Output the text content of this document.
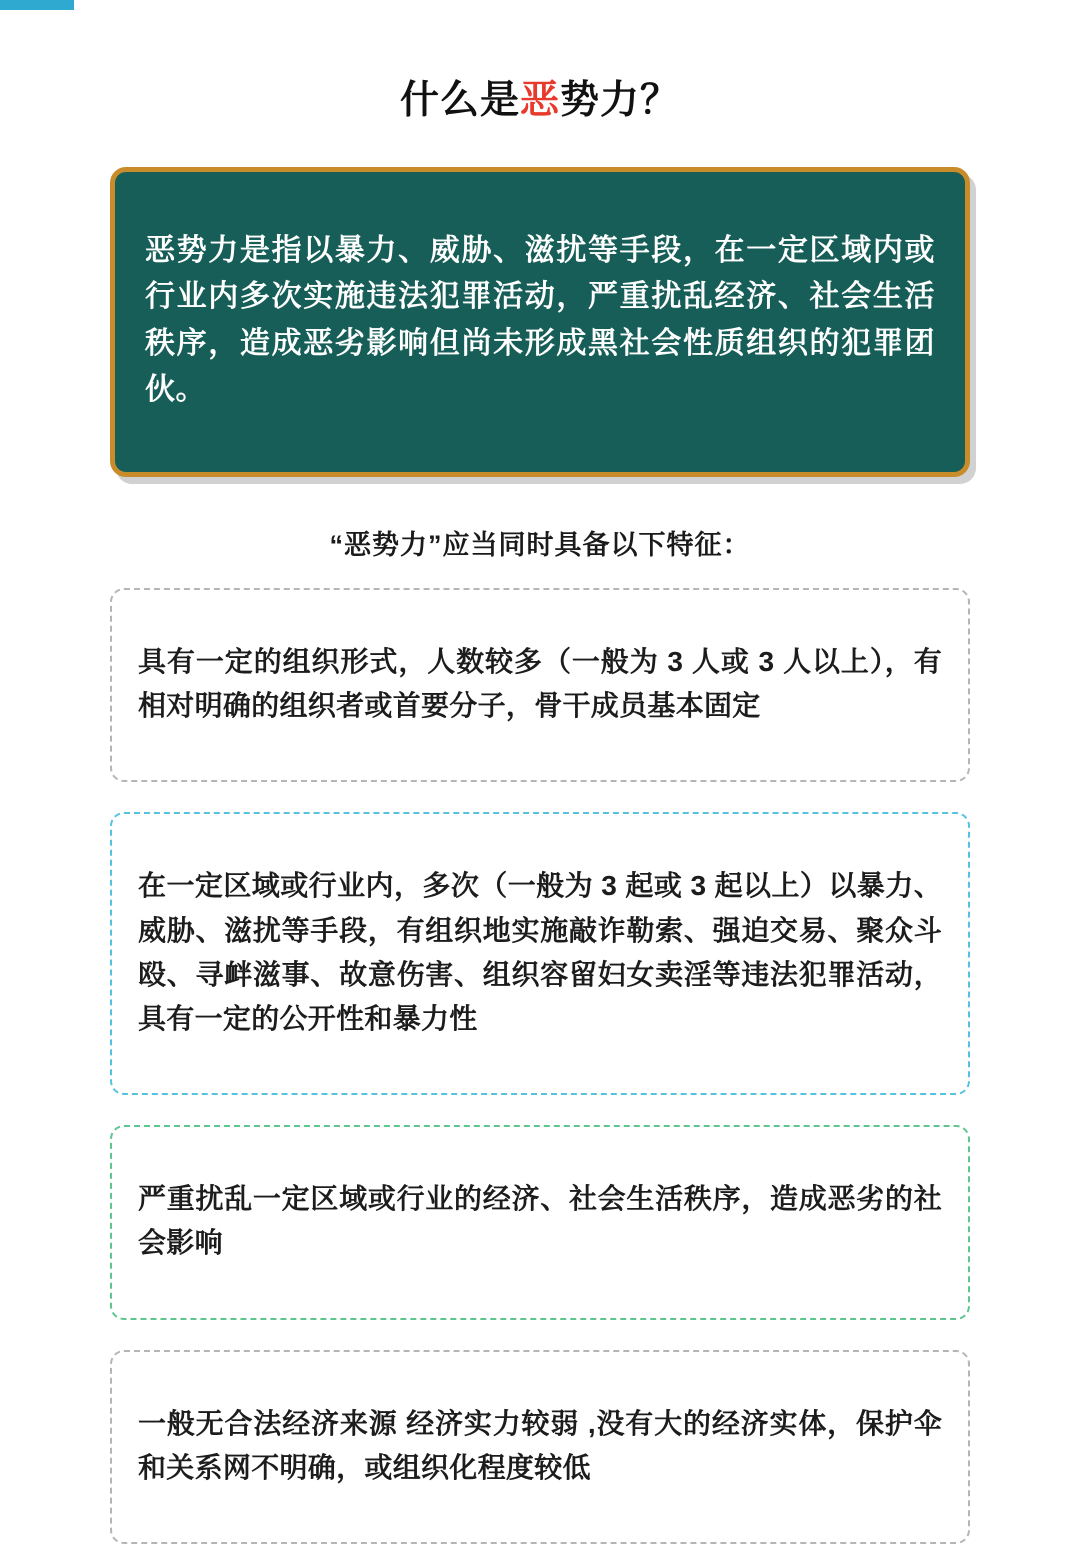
什么是恶势力？

恶势力是指以暴力、威胁、滋扰等手段，在一定区域内或行业内多次实施违法犯罪活动，严重扰乱经济、社会生活秩序，造成恶劣影响但尚未形成黑社会性质组织的犯罪团伙。

“恶势力”应当同时具备以下特征：

具有一定的组织形式，人数较多（一般为 3 人或 3 人以上），有相对明确的组织者或首要分子，骨干成员基本固定

在一定区域或行业内，多次（一般为 3 起或 3 起以上）以暴力、威胁、滋扰等手段，有组织地实施敲诈勒索、强迫交易、聚众斗殴、寻衅滋事、故意伤害、组织容留妇女卖淫等违法犯罪活动，具有一定的公开性和暴力性

严重扰乱一定区域或行业的经济、社会生活秩序，造成恶劣的社会影响

一般无合法经济来源 经济实力较弱 ,没有大的经济实体，保护伞和关系网不明确，或组织化程度较低
